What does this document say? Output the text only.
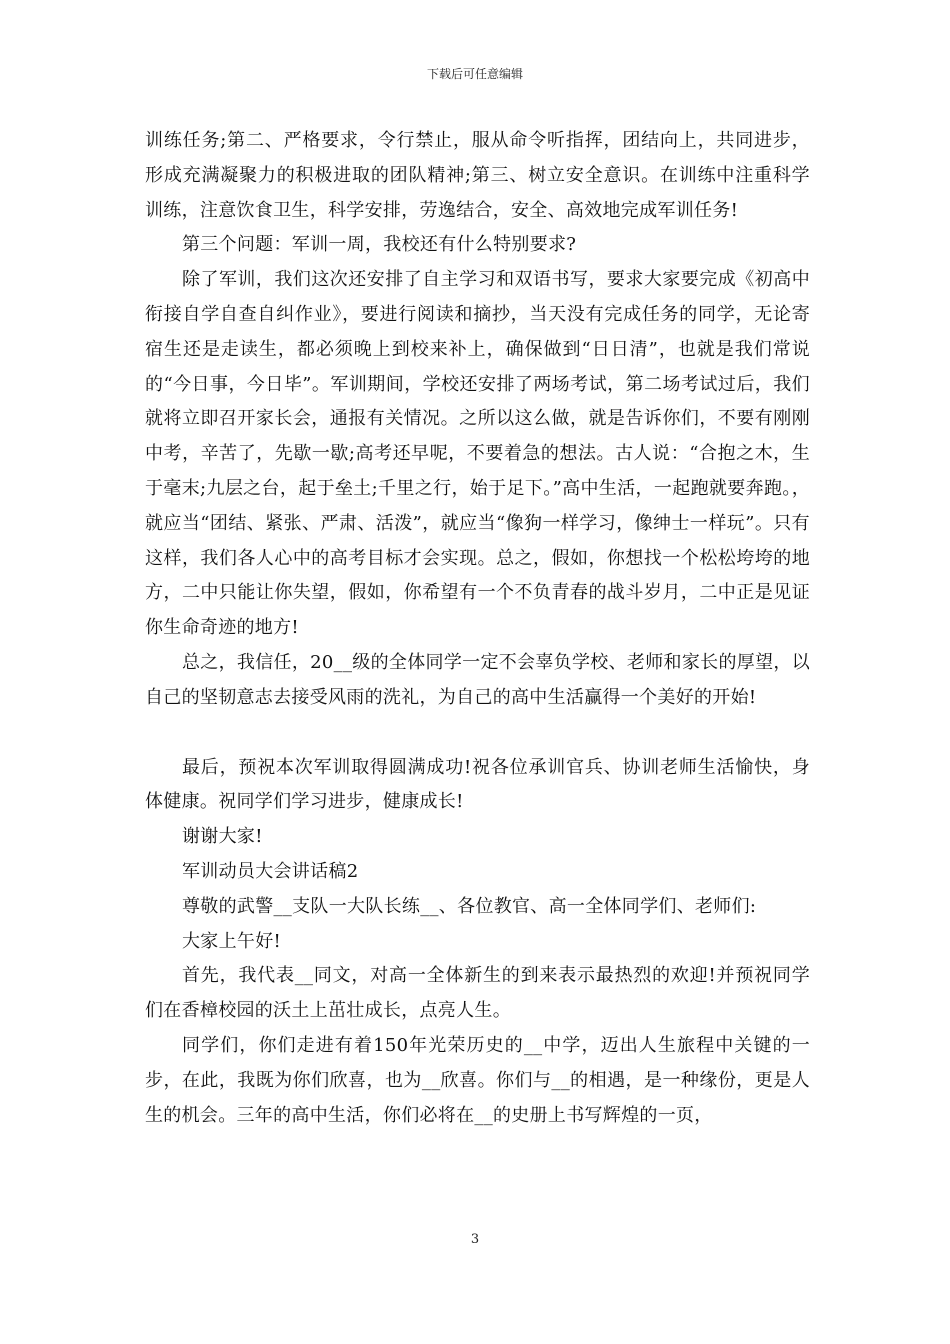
下载后可任意编辑

训练任务;第二、严格要求，令行禁止，服从命令听指挥，团结向上，共同进步，形成充满凝聚力的积极进取的团队精神;第三、树立安全意识。在训练中注重科学训练，注意饮食卫生，科学安排，劳逸结合，安全、高效地完成军训任务!

第三个问题：军训一周，我校还有什么特别要求?

除了军训，我们这次还安排了自主学习和双语书写，要求大家要完成《初高中衔接自学自查自纠作业》，要进行阅读和摘抄，当天没有完成任务的同学，无论寄宿生还是走读生，都必须晚上到校来补上，确保做到“日日清”，也就是我们常说的“今日事，今日毕”。军训期间，学校还安排了两场考试，第二场考试过后，我们就将立即召开家长会，通报有关情况。之所以这么做，就是告诉你们，不要有刚刚中考，辛苦了，先歇一歇;高考还早呢，不要着急的想法。古人说：“合抱之木，生于毫末;九层之台，起于垒土;千里之行，始于足下。”高中生活，一起跑就要奔跑。，就应当“团结、紧张、严肃、活泼”，就应当“像狗一样学习，像绅士一样玩”。只有这样，我们各人心中的高考目标才会实现。总之，假如，你想找一个松松垮垮的地方，二中只能让你失望，假如，你希望有一个不负青春的战斗岁月，二中正是见证你生命奇迹的地方!

总之，我信任，20__级的全体同学一定不会辜负学校、老师和家长的厚望，以自己的坚韧意志去接受风雨的洗礼，为自己的高中生活赢得一个美好的开始!

最后，预祝本次军训取得圆满成功!祝各位承训官兵、协训老师生活愉快，身体健康。祝同学们学习进步，健康成长!

谢谢大家!

军训动员大会讲话稿2

尊敬的武警__支队一大队长练__、各位教官、高一全体同学们、老师们:

大家上午好!

首先，我代表__同文，对高一全体新生的到来表示最热烈的欢迎!并预祝同学们在香樟校园的沃土上茁壮成长，点亮人生。

同学们，你们走进有着150年光荣历史的__中学，迈出人生旅程中关键的一步，在此，我既为你们欣喜，也为__欣喜。你们与__的相遇，是一种缘份，更是人生的机会。三年的高中生活，你们必将在__的史册上书写辉煌的一页，

3
